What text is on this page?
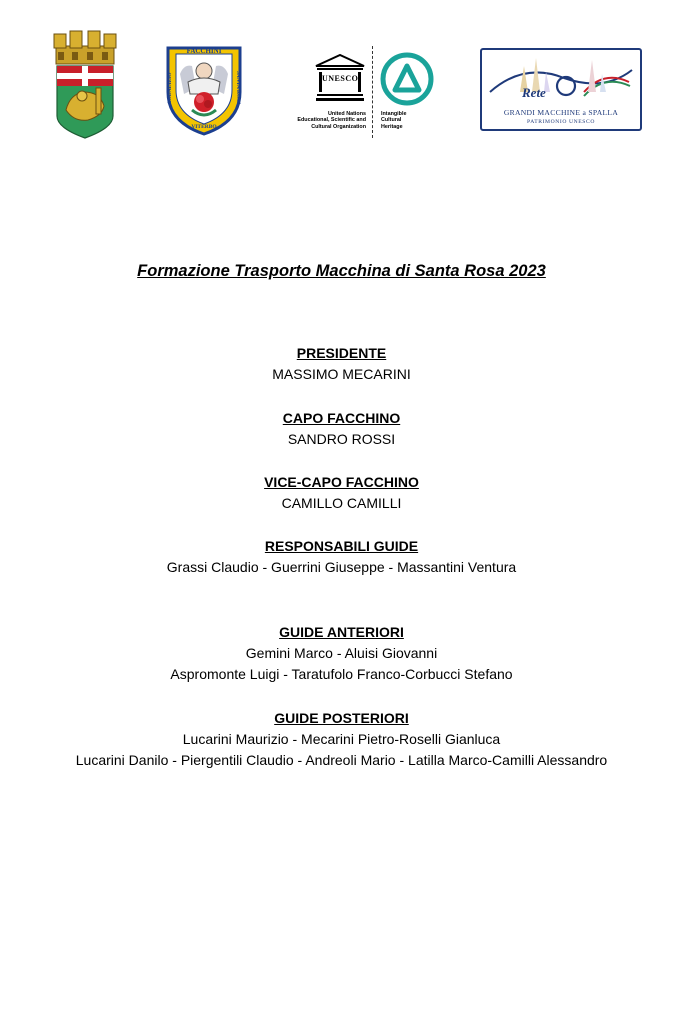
FACCHINI
SODALIZIO	SANTA ROSA
VITERBO
UNESCO
United Nations
Educational, Scientific and
Cultural Organization
Intangible
Cultural
Heritage
Rete
GRANDI MACCHINE a SPALLA
PATRIMONIO UNESCO
Formazione Trasporto Macchina di Santa Rosa 2023
PRESIDENTE
MASSIMO MECARINI
CAPO FACCHINO
SANDRO ROSSI
VICE-CAPO FACCHINO
CAMILLO CAMILLI
RESPONSABILI GUIDE
Grassi Claudio - Guerrini Giuseppe - Massantini Ventura
GUIDE ANTERIORI
Gemini Marco - Aluisi Giovanni
Aspromonte Luigi - Taratufolo Franco-Corbucci Stefano
GUIDE POSTERIORI
Lucarini Maurizio - Mecarini Pietro-Roselli Gianluca
Lucarini Danilo - Piergentili Claudio - Andreoli Mario - Latilla Marco-Camilli Alessandro
